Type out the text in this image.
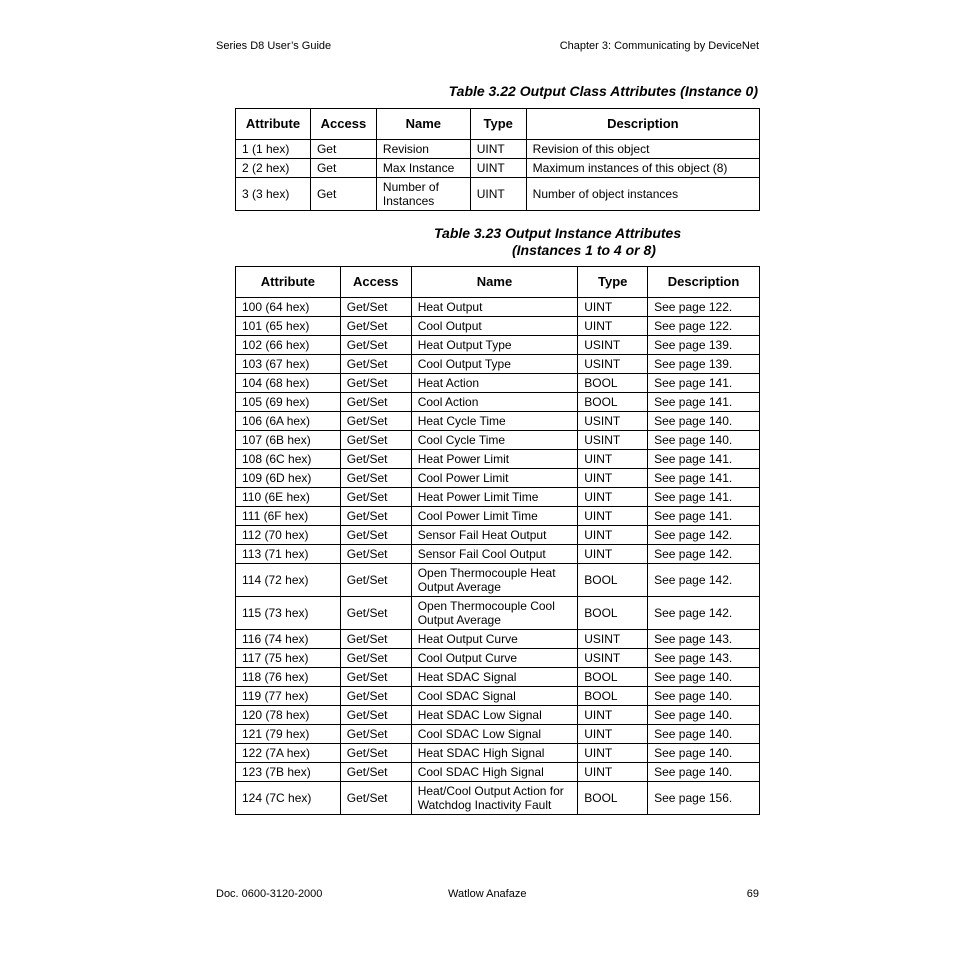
Series D8 User’s Guide	Chapter 3: Communicating by DeviceNet
Table 3.22 Output Class Attributes (Instance 0)
Attribute	Access	Name	Type	Description
1 (1 hex)	Get	Revision	UINT	Revision of this object
2 (2 hex)	Get	Max Instance	UINT	Maximum instances of this object (8)
3 (3 hex)	Get	Number of Instances	UINT	Number of object instances
Table 3.23 Output Instance Attributes
(Instances 1 to 4 or 8)
Attribute	Access	Name	Type	Description
100 (64 hex)	Get/Set	Heat Output	UINT	See page 122.
101 (65 hex)	Get/Set	Cool Output	UINT	See page 122.
102 (66 hex)	Get/Set	Heat Output Type	USINT	See page 139.
103 (67 hex)	Get/Set	Cool Output Type	USINT	See page 139.
104 (68 hex)	Get/Set	Heat Action	BOOL	See page 141.
105 (69 hex)	Get/Set	Cool Action	BOOL	See page 141.
106 (6A hex)	Get/Set	Heat Cycle Time	USINT	See page 140.
107 (6B hex)	Get/Set	Cool Cycle Time	USINT	See page 140.
108 (6C hex)	Get/Set	Heat Power Limit	UINT	See page 141.
109 (6D hex)	Get/Set	Cool Power Limit	UINT	See page 141.
110 (6E hex)	Get/Set	Heat Power Limit Time	UINT	See page 141.
111 (6F hex)	Get/Set	Cool Power Limit Time	UINT	See page 141.
112 (70 hex)	Get/Set	Sensor Fail Heat Output	UINT	See page 142.
113 (71 hex)	Get/Set	Sensor Fail Cool Output	UINT	See page 142.
114 (72 hex)	Get/Set	Open Thermocouple Heat Output Average	BOOL	See page 142.
115 (73 hex)	Get/Set	Open Thermocouple Cool Output Average	BOOL	See page 142.
116 (74 hex)	Get/Set	Heat Output Curve	USINT	See page 143.
117 (75 hex)	Get/Set	Cool Output Curve	USINT	See page 143.
118 (76 hex)	Get/Set	Heat SDAC Signal	BOOL	See page 140.
119 (77 hex)	Get/Set	Cool SDAC Signal	BOOL	See page 140.
120 (78 hex)	Get/Set	Heat SDAC Low Signal	UINT	See page 140.
121 (79 hex)	Get/Set	Cool SDAC Low Signal	UINT	See page 140.
122 (7A hex)	Get/Set	Heat SDAC High Signal	UINT	See page 140.
123 (7B hex)	Get/Set	Cool SDAC High Signal	UINT	See page 140.
124 (7C hex)	Get/Set	Heat/Cool Output Action for Watchdog Inactivity Fault	BOOL	See page 156.
Doc. 0600-3120-2000	Watlow Anafaze	69
